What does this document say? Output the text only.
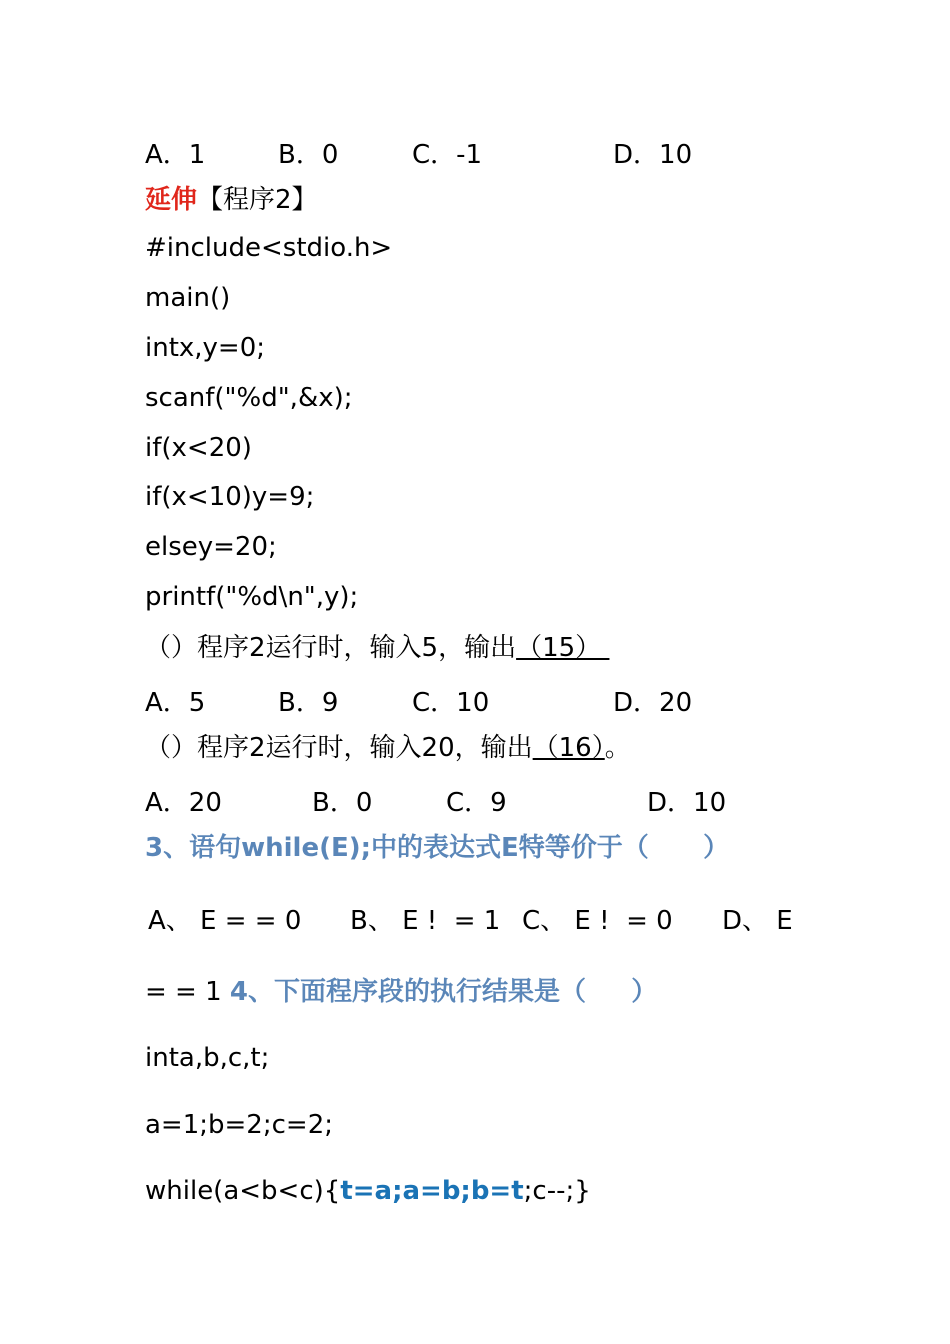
A．1	B．0	C．-1	D．10
延伸【程序2】
#include<stdio.h>
main()
intx,y=0;
scanf("%d",&x);
if(x<20)
if(x<10)y=9;
elsey=20;
printf("%d\n",y);
（）程序2运行时，输入5，输出（15）
A．5	B．9	C．10	D．20
（）程序2运行时，输入20，输出（16）。
A．20	B．0	C．9	D．10
3、语句while(E);中的表达式E特等价于（      ）
A、 E = = 0 B、 E !  = 1 C、 E !  = 0 D、 E
= = 1 4、下面程序段的执行结果是（     ）
inta,b,c,t;
a=1;b=2;c=2;
while(a<b<c){t=a;a=b;b=t;c--;}
